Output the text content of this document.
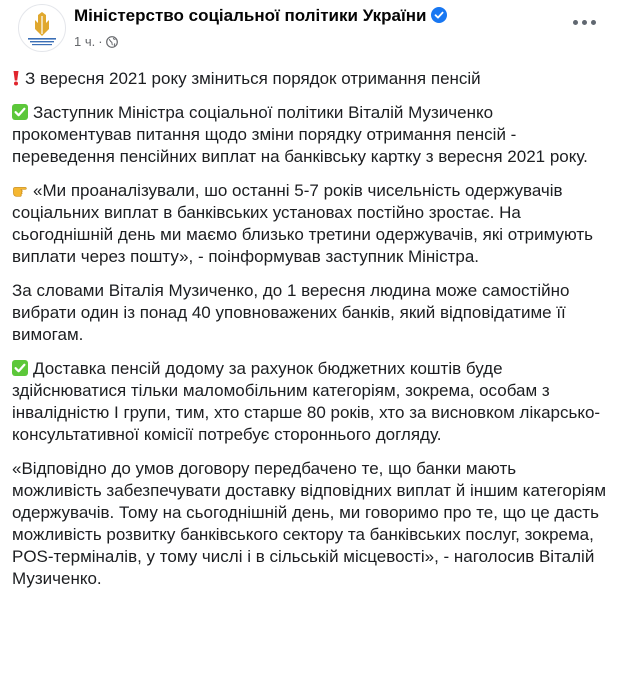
Міністерство соціальної політики України
1 ч. ·

З вересня 2021 року зміниться порядок отримання пенсій

Заступник Міністра соціальної політики Віталій Музиченко прокоментував питання щодо зміни порядку отримання пенсій - переведення пенсійних виплат на банківську картку з вересня 2021 року.

«Ми проаналізували, шо останні 5-7 років чисельність одержувачів соціальних виплат в банківських установах постійно зростає. На сьогоднішній день ми маємо близько третини одержувачів, які отримують виплати через пошту», - поінформував заступник Міністра.

За словами Віталія Музиченко, до 1 вересня людина може самостійно вибрати один із понад 40 уповноважених банків, який відповідатиме її вимогам.

Доставка пенсій додому за рахунок бюджетних коштів буде здійснюватися тільки маломобільним категоріям, зокрема, особам з інвалідністю I групи, тим, хто старше 80 років, хто за висновком лікарсько-консультативної комісії потребує стороннього догляду.

«Відповідно до умов договору передбачено те, що банки мають можливість забезпечувати доставку відповідних виплат й іншим категоріям одержувачів. Тому на сьогоднішній день, ми говоримо про те, що це дасть можливість розвитку банківського сектору та банківських послуг, зокрема, POS-терміналів, у тому числі і в сільській місцевості», - наголосив Віталій Музиченко.
